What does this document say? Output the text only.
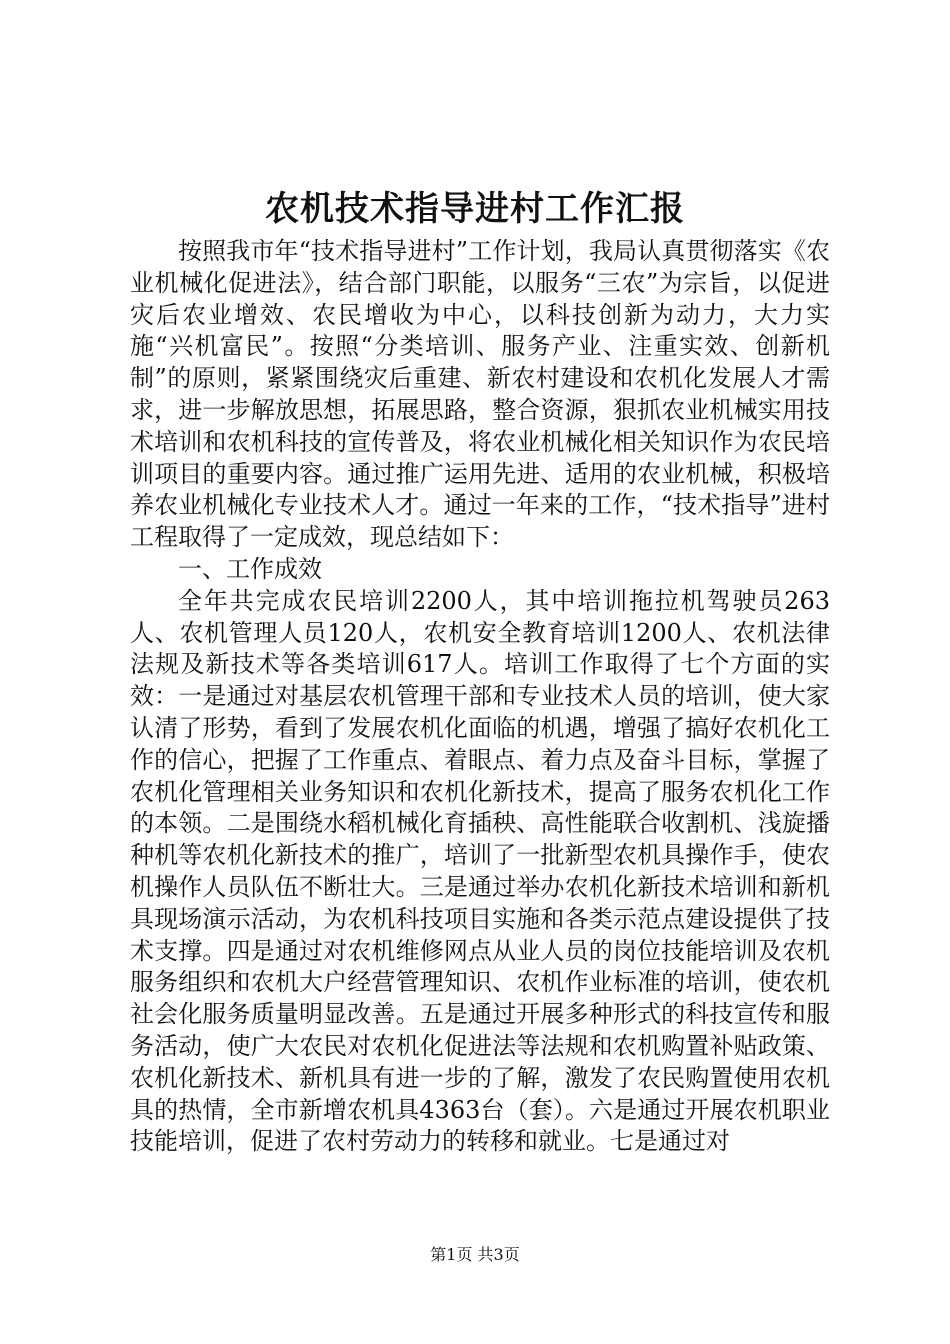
农机技术指导进村工作汇报

按照我市年“技术指导进村”工作计划，我局认真贯彻落实《农业机械化促进法》，结合部门职能，以服务“三农”为宗旨，以促进灾后农业增效、农民增收为中心，以科技创新为动力，大力实施“兴机富民”。按照“分类培训、服务产业、注重实效、创新机制”的原则，紧紧围绕灾后重建、新农村建设和农机化发展人才需求，进一步解放思想，拓展思路，整合资源，狠抓农业机械实用技术培训和农机科技的宣传普及，将农业机械化相关知识作为农民培训项目的重要内容。通过推广运用先进、适用的农业机械，积极培养农业机械化专业技术人才。通过一年来的工作，“技术指导”进村工程取得了一定成效，现总结如下：

一、工作成效

全年共完成农民培训2200人，其中培训拖拉机驾驶员263人、农机管理人员120人，农机安全教育培训1200人、农机法律法规及新技术等各类培训617人。培训工作取得了七个方面的实效：一是通过对基层农机管理干部和专业技术人员的培训，使大家认清了形势，看到了发展农机化面临的机遇，增强了搞好农机化工作的信心，把握了工作重点、着眼点、着力点及奋斗目标，掌握了农机化管理相关业务知识和农机化新技术，提高了服务农机化工作的本领。二是围绕水稻机械化育插秧、高性能联合收割机、浅旋播种机等农机化新技术的推广，培训了一批新型农机具操作手，使农机操作人员队伍不断壮大。三是通过举办农机化新技术培训和新机具现场演示活动，为农机科技项目实施和各类示范点建设提供了技术支撑。四是通过对农机维修网点从业人员的岗位技能培训及农机服务组织和农机大户经营管理知识、农机作业标准的培训，使农机社会化服务质量明显改善。五是通过开展多种形式的科技宣传和服务活动，使广大农民对农机化促进法等法规和农机购置补贴政策、农机化新技术、新机具有进一步的了解，激发了农民购置使用农机具的热情，全市新增农机具4363台（套）。六是通过开展农机职业技能培训，促进了农村劳动力的转移和就业。七是通过对

第1页 共3页
